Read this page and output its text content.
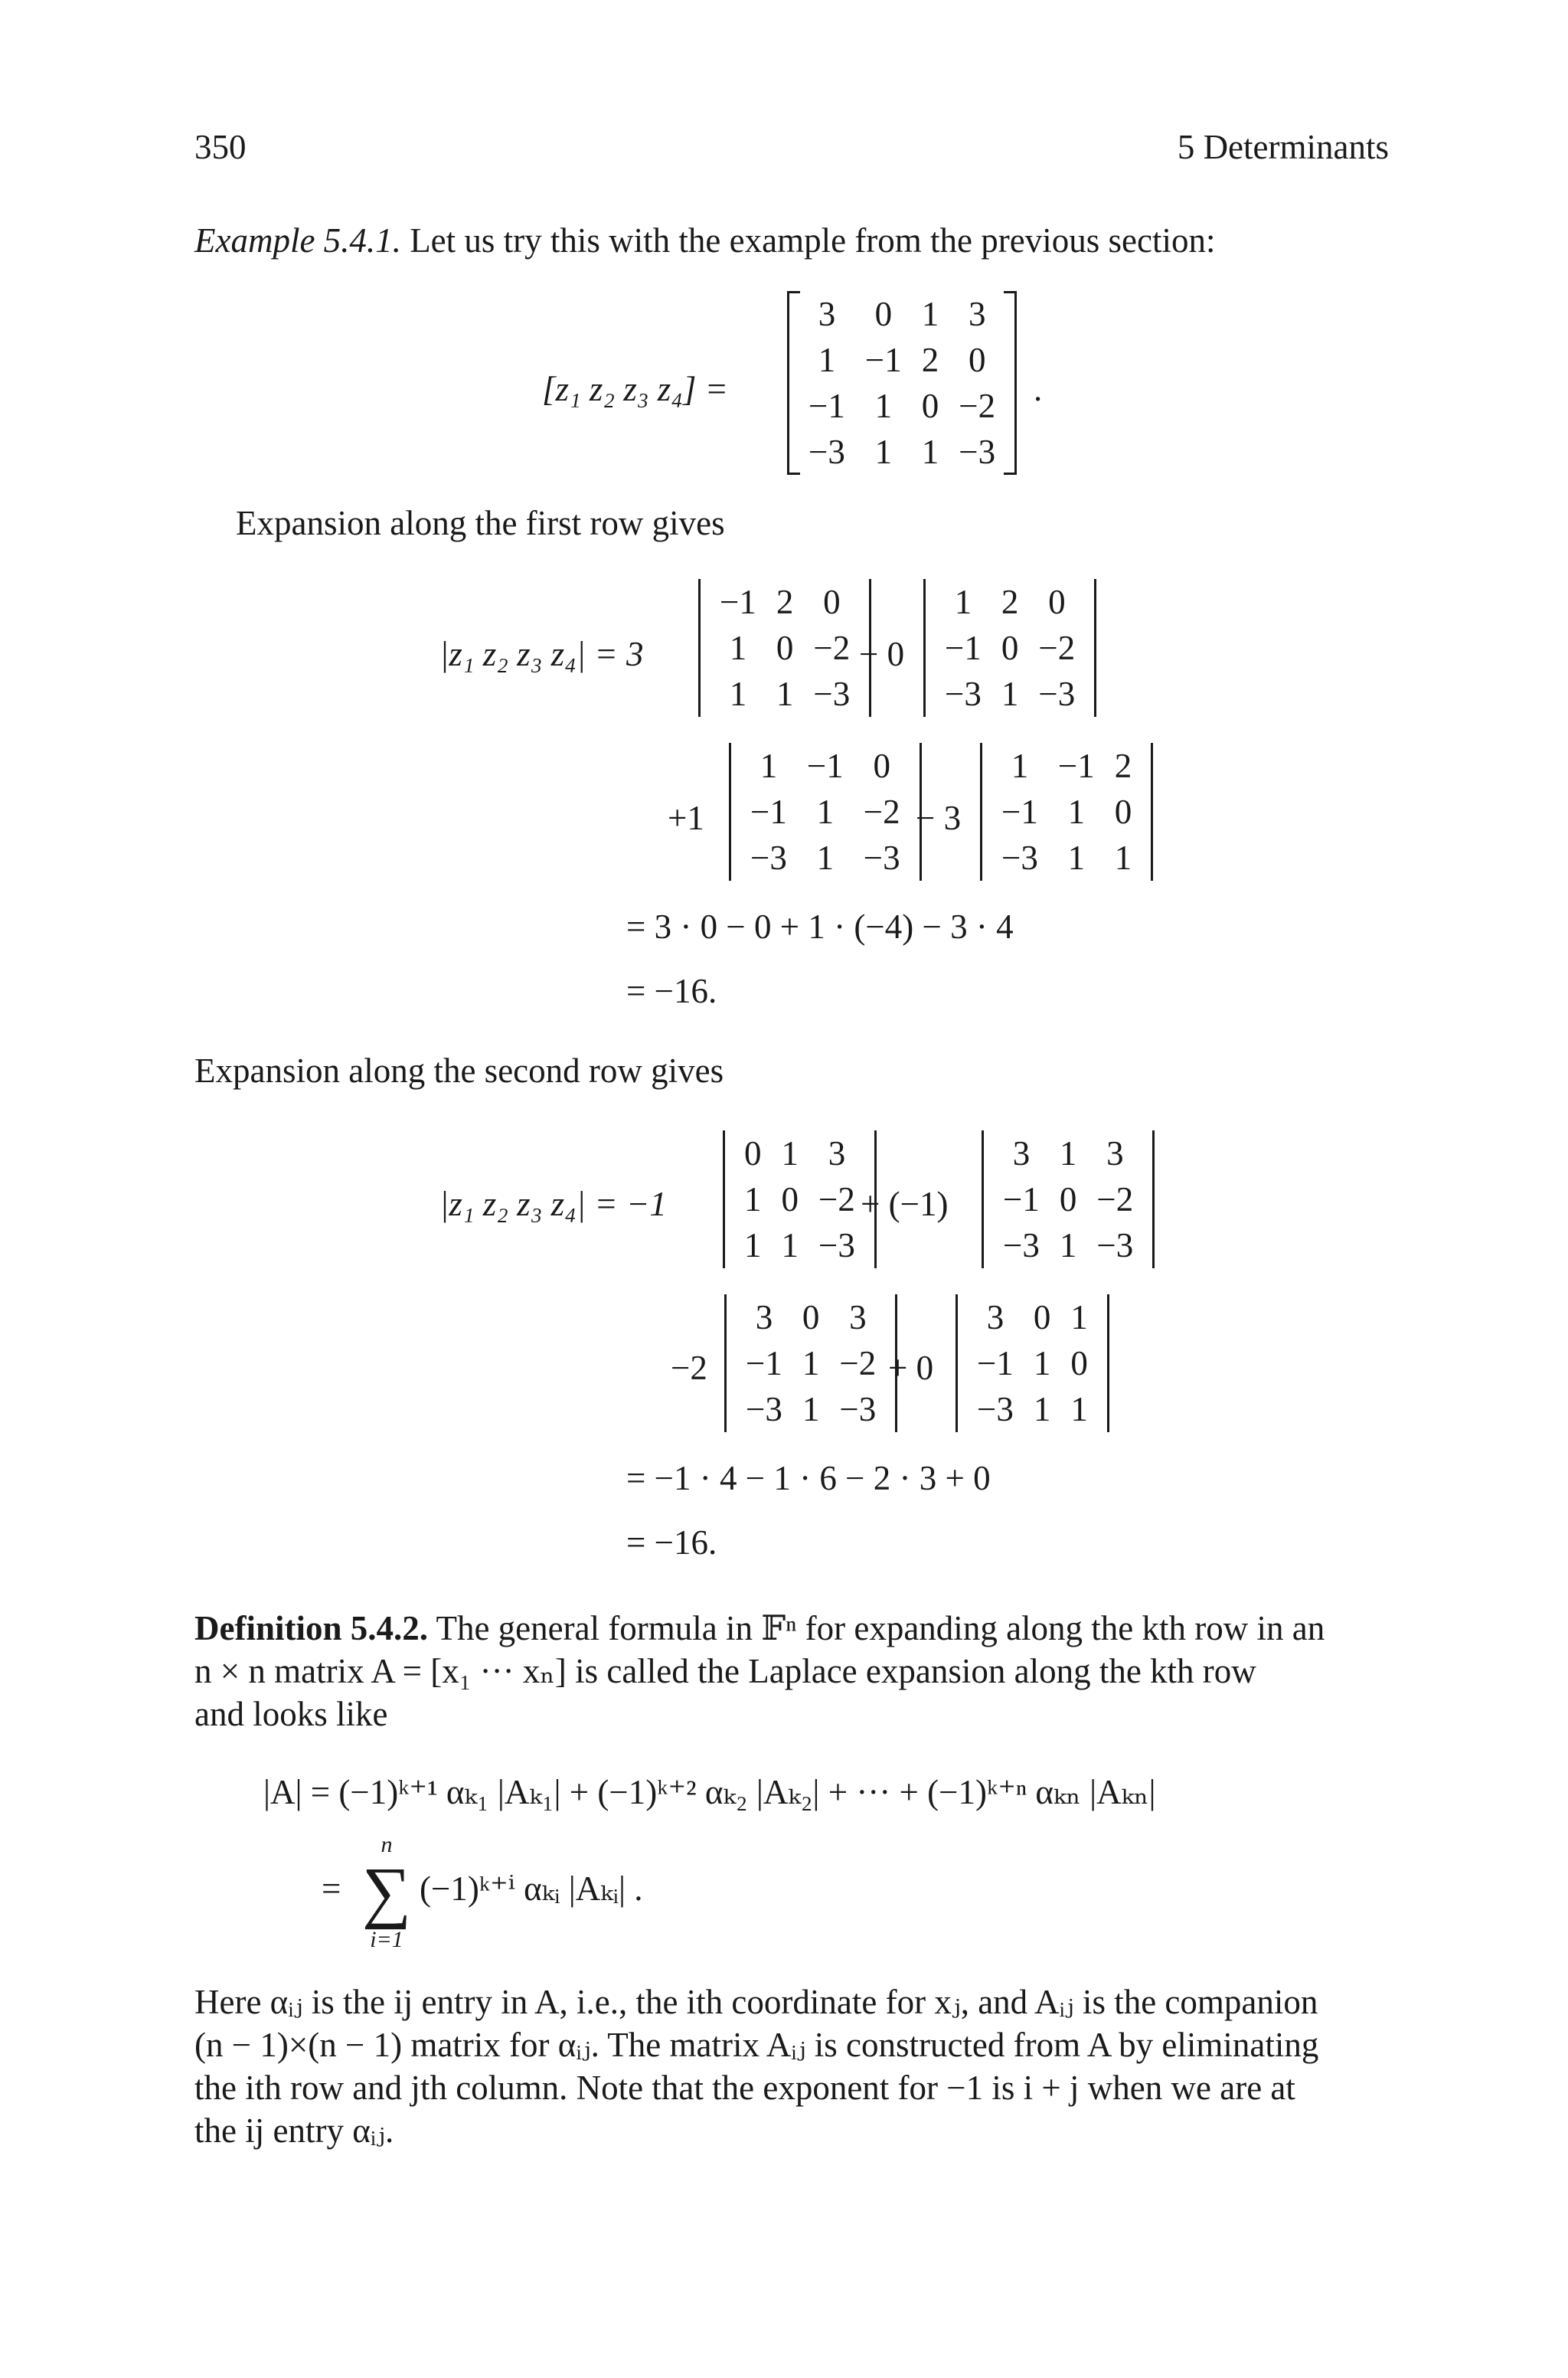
350	5 Determinants
Example 5.4.1. Let us try this with the example from the previous section:
[z₁ z₂ z₃ z₄] =
3
1
−1
−3
0
−1
1
1
1
2
0
1
3
0
−2
−3
.
Expansion along the first row gives
|z₁ z₂ z₃ z₄| = 3
−1
1
1
2
0
1
0
−2
−3
− 0
1
−1
−3
2
0
1
0
−2
−3
+1
1
−1
−3
−1
1
1
0
−2
−3
− 3
1
−1
−3
−1
1
1
2
0
1
= 3 · 0 − 0 + 1 · (−4) − 3 · 4
= −16.
Expansion along the second row gives
|z₁ z₂ z₃ z₄| = −1
0
1
1
1
0
1
3
−2
−3
+ (−1)
3
−1
−3
1
0
1
3
−2
−3
−2
3
−1
−3
0
1
1
3
−2
−3
+ 0
3
−1
−3
0
1
1
1
0
1
= −1 · 4 − 1 · 6 − 2 · 3 + 0
= −16.
Definition 5.4.2. The general formula in 𝔽ⁿ for expanding along the kth row in an
n × n matrix A = [x₁ ··· xₙ] is called the Laplace expansion along the kth row
and looks like
|A| = (−1)ᵏ⁺¹ αₖ₁ |Aₖ₁| + (−1)ᵏ⁺² αₖ₂ |Aₖ₂| + ··· + (−1)ᵏ⁺ⁿ αₖₙ |Aₖₙ|
=
n
∑
i=1
(−1)ᵏ⁺ⁱ αₖᵢ |Aₖᵢ| .
Here αᵢⱼ is the ij entry in A, i.e., the ith coordinate for xⱼ, and Aᵢⱼ is the companion
(n − 1)×(n − 1) matrix for αᵢⱼ. The matrix Aᵢⱼ is constructed from A by eliminating
the ith row and jth column. Note that the exponent for −1 is i + j when we are at
the ij entry αᵢⱼ.
